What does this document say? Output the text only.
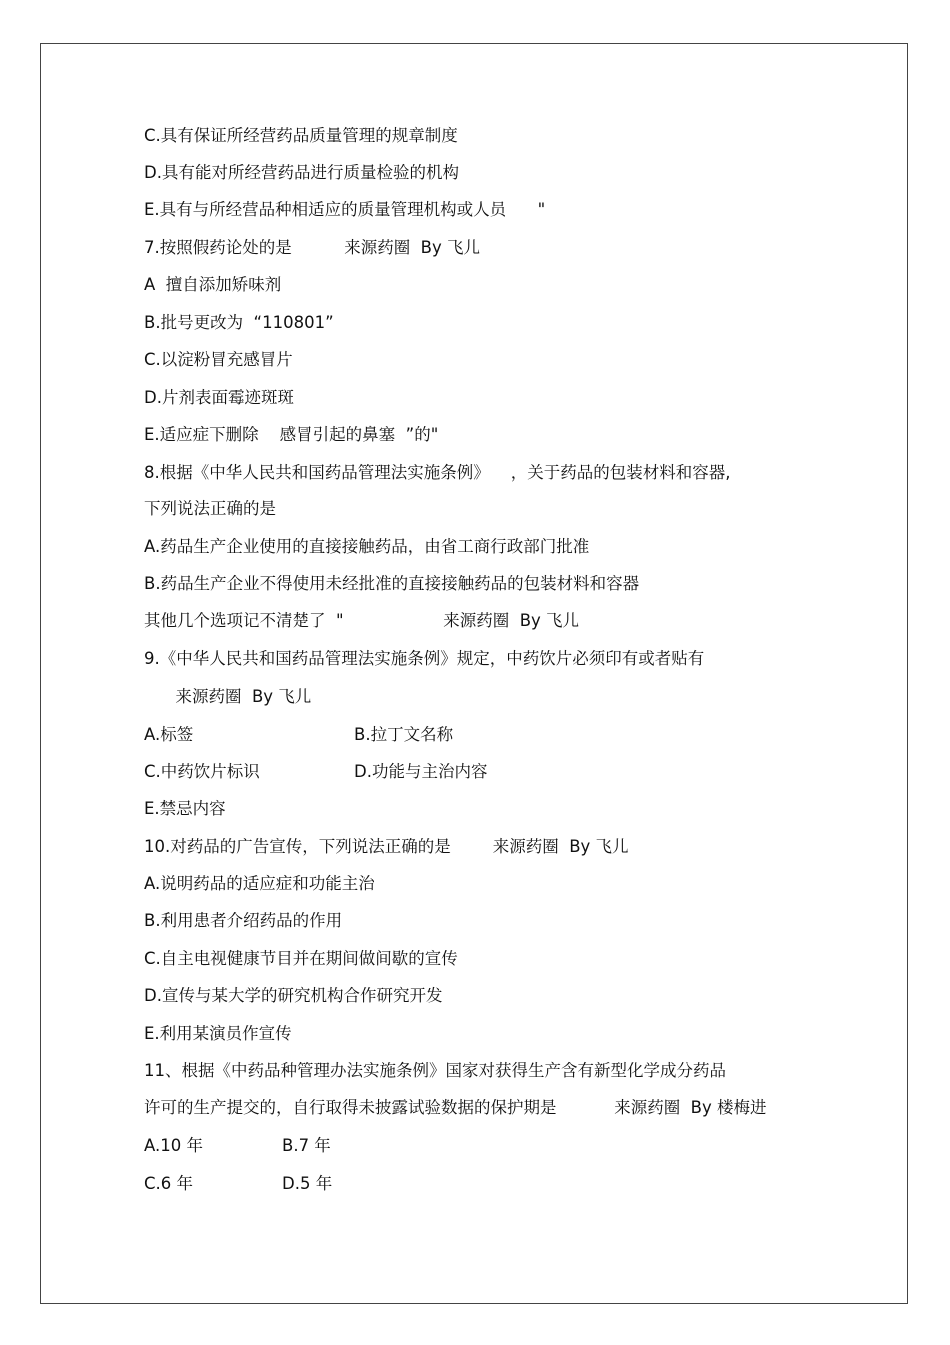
C.具有保证所经营药品质量管理的规章制度
D.具有能对所经营药品进行质量检验的机构
E.具有与所经营品种相适应的质量管理机构或人员      "
7.按照假药论处的是          来源药圈  By 飞儿
A  擅自添加矫味剂
B.批号更改为  “110801”
C.以淀粉冒充感冒片
D.片剂表面霉迹斑斑
E.适应症下删除    感冒引起的鼻塞  ”的"
8.根据《中华人民共和国药品管理法实施条例》    ，关于药品的包装材料和容器,
下列说法正确的是
A.药品生产企业使用的直接接触药品，由省工商行政部门批准
B.药品生产企业不得使用未经批准的直接接触药品的包装材料和容器
其他几个选项记不清楚了  "                   来源药圈  By 飞儿
9.《中华人民共和国药品管理法实施条例》规定，中药饮片必须印有或者贴有
来源药圈  By 飞儿
A.标签	B.拉丁文名称
C.中药饮片标识	D.功能与主治内容
E.禁忌内容
10.对药品的广告宣传，下列说法正确的是        来源药圈  By 飞儿
A.说明药品的适应症和功能主治
B.利用患者介绍药品的作用
C.自主电视健康节目并在期间做间歇的宣传
D.宣传与某大学的研究机构合作研究开发
E.利用某演员作宣传
11、根据《中药品种管理办法实施条例》国家对获得生产含有新型化学成分药品
许可的生产提交的，自行取得未披露试验数据的保护期是           来源药圈  By 楼梅进
A.10 年	B.7 年
C.6 年	D.5 年
